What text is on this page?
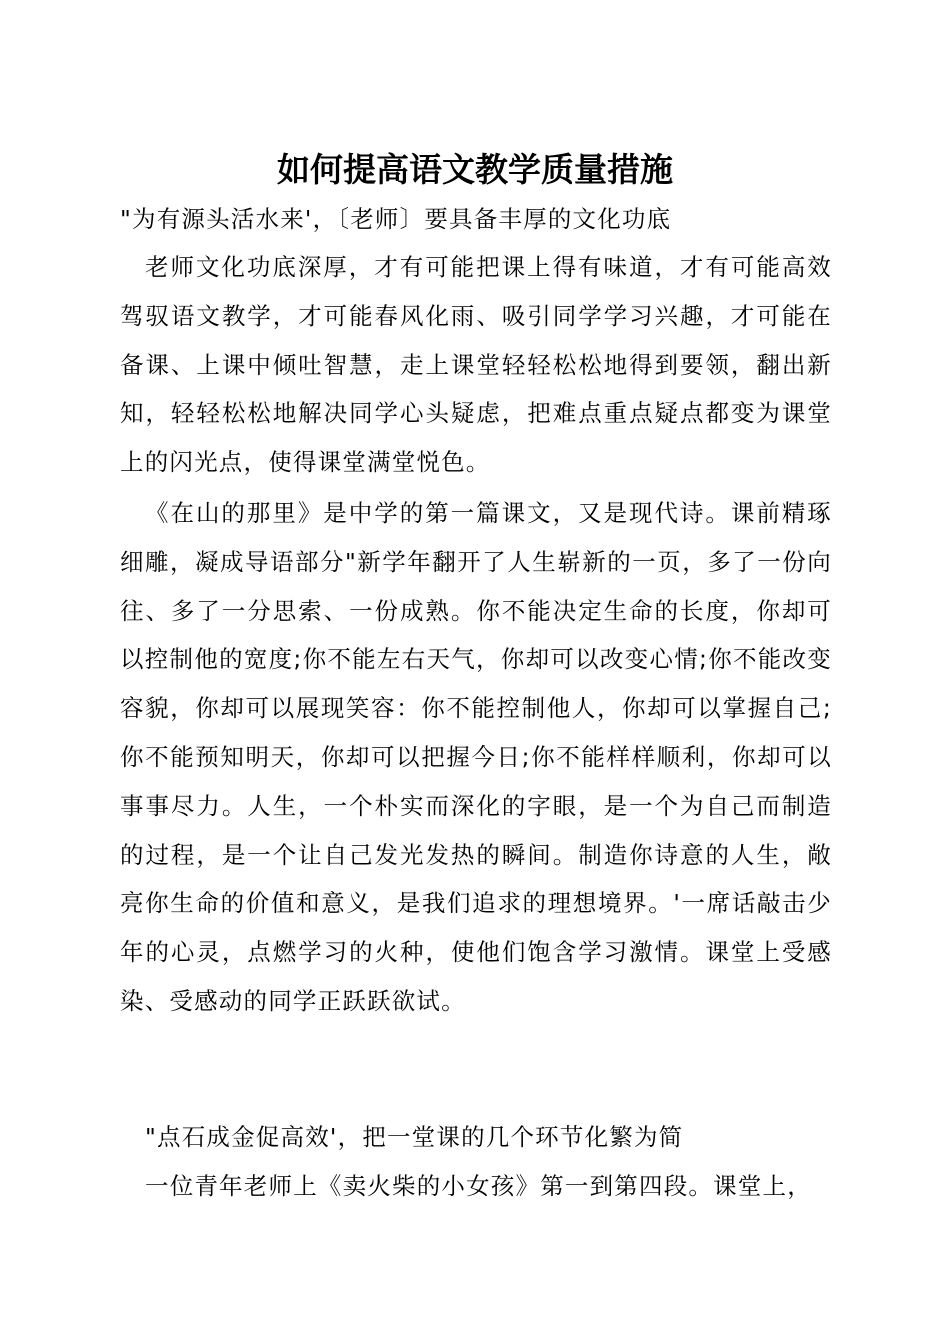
如何提高语文教学质量措施

"为有源头活水来'，〔老师〕要具备丰厚的文化功底

老师文化功底深厚，才有可能把课上得有味道，才有可能高效驾驭语文教学，才可能春风化雨、吸引同学学习兴趣，才可能在备课、上课中倾吐智慧，走上课堂轻轻松松地得到要领，翻出新知，轻轻松松地解决同学心头疑虑，把难点重点疑点都变为课堂上的闪光点，使得课堂满堂悦色。

《在山的那里》是中学的第一篇课文，又是现代诗。课前精琢细雕，凝成导语部分"新学年翻开了人生崭新的一页，多了一份向往、多了一分思索、一份成熟。你不能决定生命的长度，你却可以控制他的宽度;你不能左右天气，你却可以改变心情;你不能改变容貌，你却可以展现笑容：你不能控制他人，你却可以掌握自己;你不能预知明天，你却可以把握今日;你不能样样顺利，你却可以事事尽力。人生，一个朴实而深化的字眼，是一个为自己而制造的过程，是一个让自己发光发热的瞬间。制造你诗意的人生，敞亮你生命的价值和意义，是我们追求的理想境界。'一席话敲击少年的心灵，点燃学习的火种，使他们饱含学习激情。课堂上受感染、受感动的同学正跃跃欲试。

"点石成金促高效'，把一堂课的几个环节化繁为简

一位青年老师上《卖火柴的小女孩》第一到第四段。课堂上，
